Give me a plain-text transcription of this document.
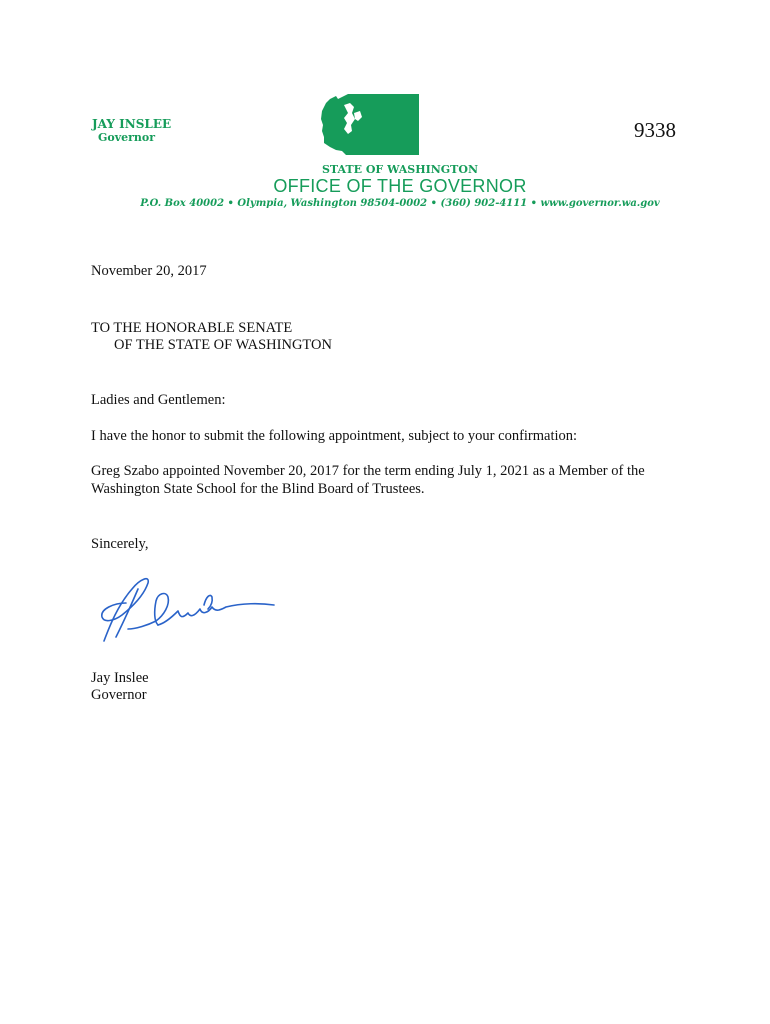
JAY INSLEE
Governor	9338
STATE OF WASHINGTON
OFFICE OF THE GOVERNOR
P.O. Box 40002 • Olympia, Washington 98504-0002 • (360) 902-4111 • www.governor.wa.gov
November 20, 2017
TO THE HONORABLE SENATE
OF THE STATE OF WASHINGTON
Ladies and Gentlemen:
I have the honor to submit the following appointment, subject to your confirmation:
Greg Szabo appointed November 20, 2017 for the term ending July 1, 2021 as a Member of the
Washington State School for the Blind Board of Trustees.
Sincerely,
Jay Inslee
Governor
